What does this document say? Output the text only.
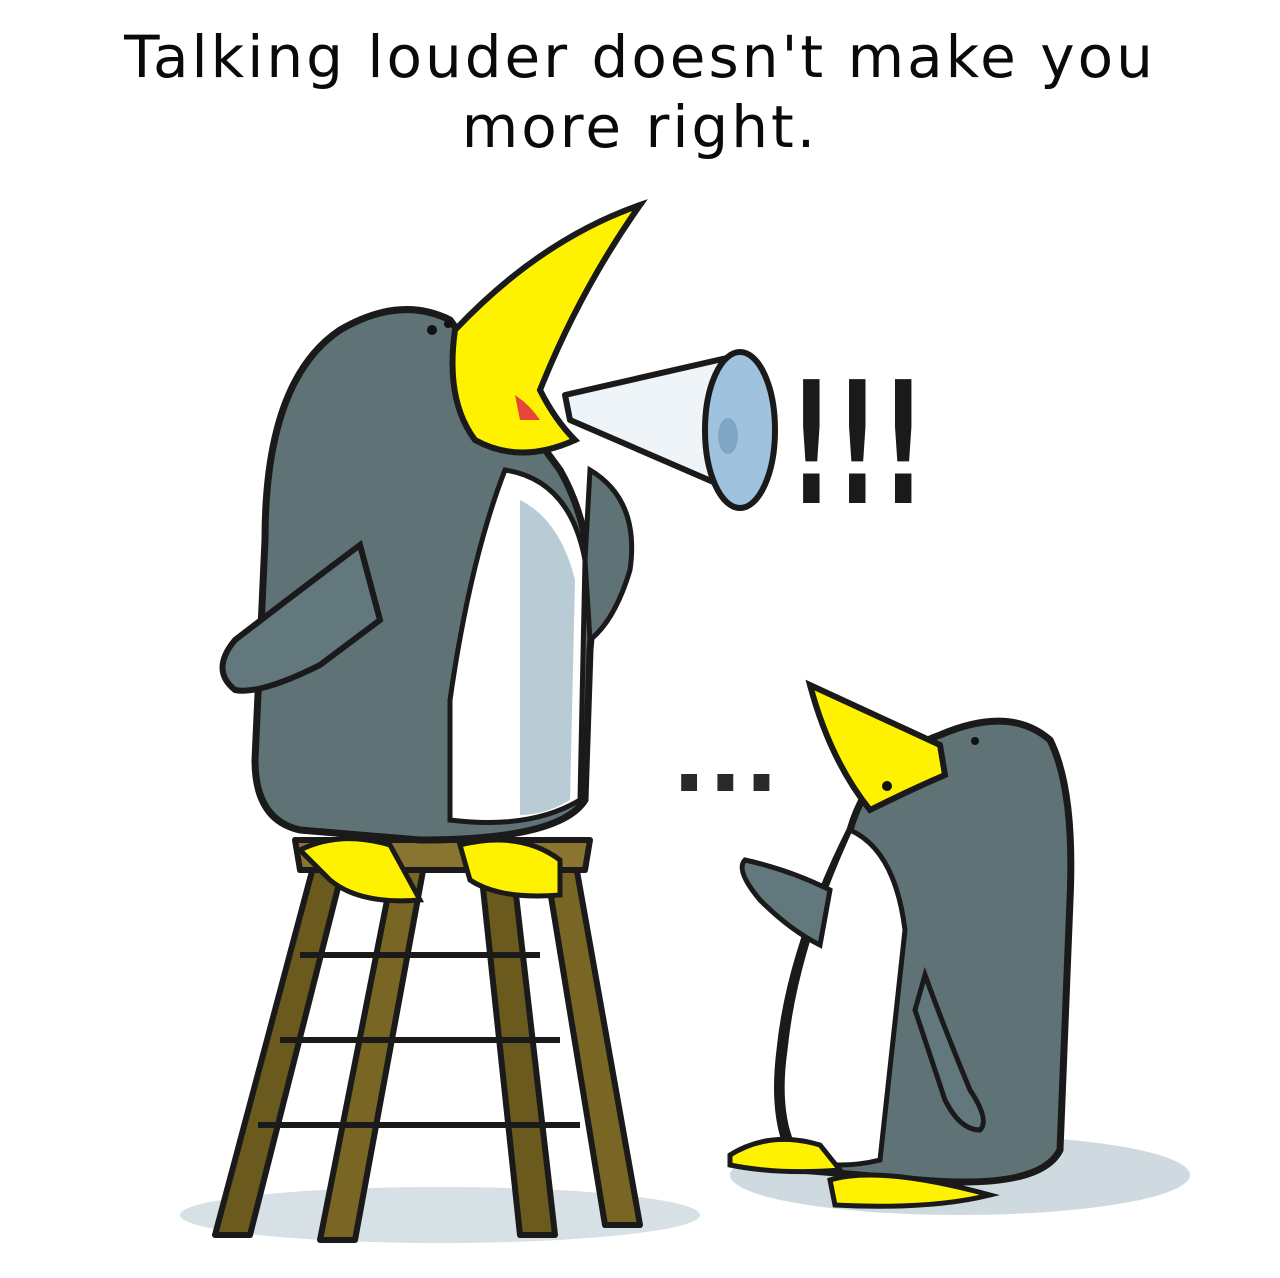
Talking louder doesn't make you
more right.
!!!
...
